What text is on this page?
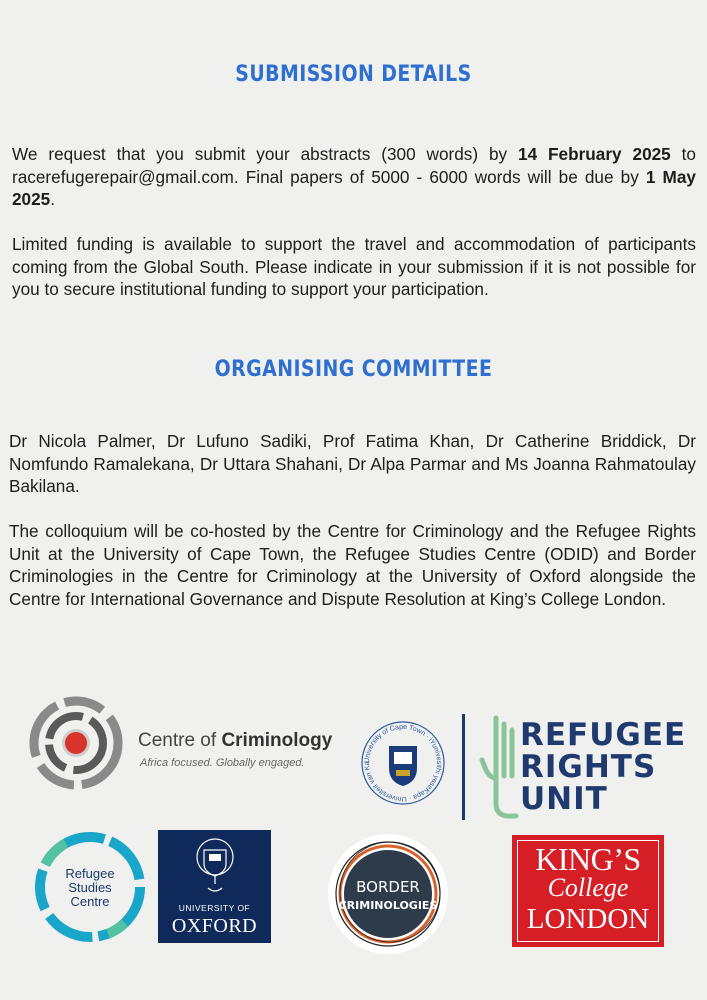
SUBMISSION DETAILS

We request that you submit your abstracts (300 words) by 14 February 2025 to racerefugerepair@gmail.com. Final papers of 5000 - 6000 words will be due by 1 May 2025.

Limited funding is available to support the travel and accommodation of participants coming from the Global South. Please indicate in your submission if it is not possible for you to secure institutional funding to support your participation.

ORGANISING COMMITTEE

Dr Nicola Palmer, Dr Lufuno Sadiki, Prof Fatima Khan, Dr Catherine Briddick, Dr Nomfundo Ramalekana, Dr Uttara Shahani, Dr Alpa Parmar and Ms Joanna Rahmatoulay Bakilana.

The colloquium will be co-hosted by the Centre for Criminology and the Refugee Rights Unit at the University of Cape Town, the Refugee Studies Centre (ODID) and Border Criminologies in the Centre for Criminology at the University of Oxford alongside the Centre for International Governance and Dispute Resolution at King’s College London.

Centre of Criminology
Africa focused. Globally engaged.	University of Cape Town · iYunivesithi yaseKapa · Universiteit van Ka
REFUGEE
RIGHTS
UNIT
Refugee
Studies
Centre	UNIVERSITY OF
OXFORD
BORDER
CRIMINOLOGIES
KING’S
College
LONDON
